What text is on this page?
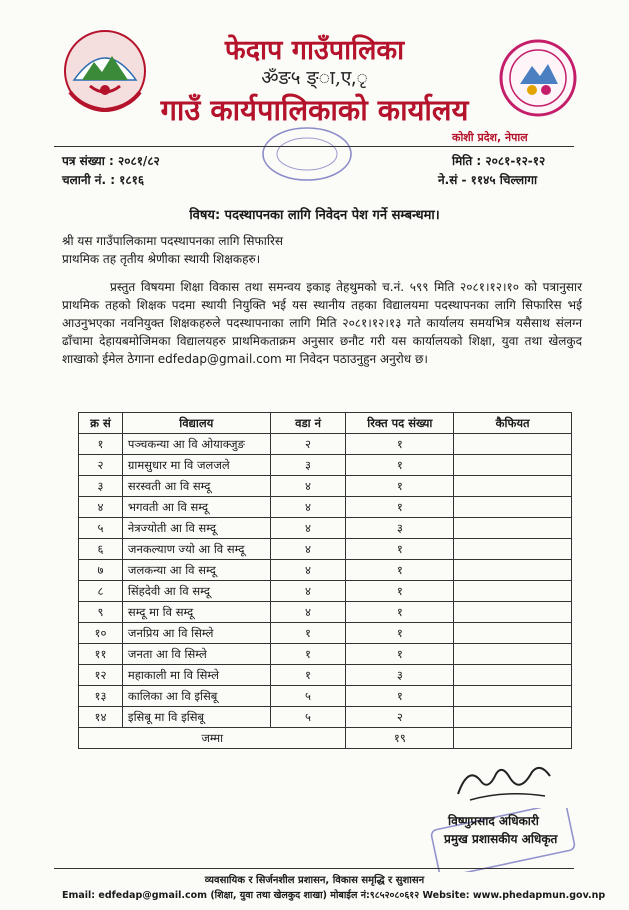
फेदाप गाउँपालिका
ॐङ५ ङ्ा,ए,ृ
गाउँ कार्यपालिकाको कार्यालय
कोशी प्रदेश, नेपाल
पत्र संख्या : २०८१/८२
चलानी नं. : १८१६
मिति : २०८१-१२-१२
ने.सं - ११४५ चिल्लागा
विषय: पदस्थापनका लागि निवेदन पेश गर्ने सम्बन्धमा।
श्री यस गाउँपालिकामा पदस्थापनका लागि सिफारिस
प्राथमिक तह तृतीय श्रेणीका स्थायी शिक्षकहरु।
प्रस्तुत विषयमा शिक्षा विकास तथा समन्वय इकाइ तेहथुमको च.नं. ५९९ मिति २०८१।१२।१० को पत्रानुसार प्राथमिक तहको शिक्षक पदमा स्थायी नियुक्ति भई यस स्थानीय तहका विद्यालयमा पदस्थापनका लागि सिफारिस भई आउनुभएका नवनियुक्त शिक्षकहरुले पदस्थापनाका लागि मिति २०८१।१२।१३ गते कार्यालय समयभित्र यसैसाथ संलग्न ढाँचामा देहायबमोजिमका विद्यालयहरु प्राथमिकताक्रम अनुसार छनौट गरी यस कार्यालयको शिक्षा, युवा तथा खेलकुद शाखाको ईमेल ठेगाना edfedap@gmail.com मा निवेदन पठाउनुहुन अनुरोध छ।
क्र सं	विद्यालय	वडा नं	रिक्त पद संख्या	कैफियत
१	पञ्चकन्या आ वि ओयाक्जुङ	२	१	
२	ग्रामसुधार मा वि जलजले	३	१	
३	सरस्वती आ वि सम्दू	४	१	
४	भगवती आ वि सम्दू	४	१	
५	नेत्रज्योती आ वि सम्दू	४	३	
६	जनकल्याण ज्यो आ वि सम्दू	४	१	
७	जलकन्या आ वि सम्दू	४	१	
८	सिंहदेवी आ वि सम्दू	४	१	
९	सम्दू मा वि सम्दू	४	१	
१०	जनप्रिय आ वि सिम्ले	१	१	
११	जनता आ वि सिम्ले	१	१	
१२	महाकाली मा वि सिम्ले	१	३	
१३	कालिका आ वि इसिबू	५	१	
१४	इसिबू मा वि इसिबू	५	२	
जम्मा			१९	
विष्णुप्रसाद अधिकारी
प्रमुख प्रशासकीय अधिकृत
व्यवसायिक र सिर्जनशील प्रशासन, विकास समृद्धि र सुशासन
Email: edfedap@gmail.com (शिक्षा, युवा तथा खेलकुद शाखा) मोबाईल नं:९८५२०८०६१२ Website: www.phedapmun.gov.np
